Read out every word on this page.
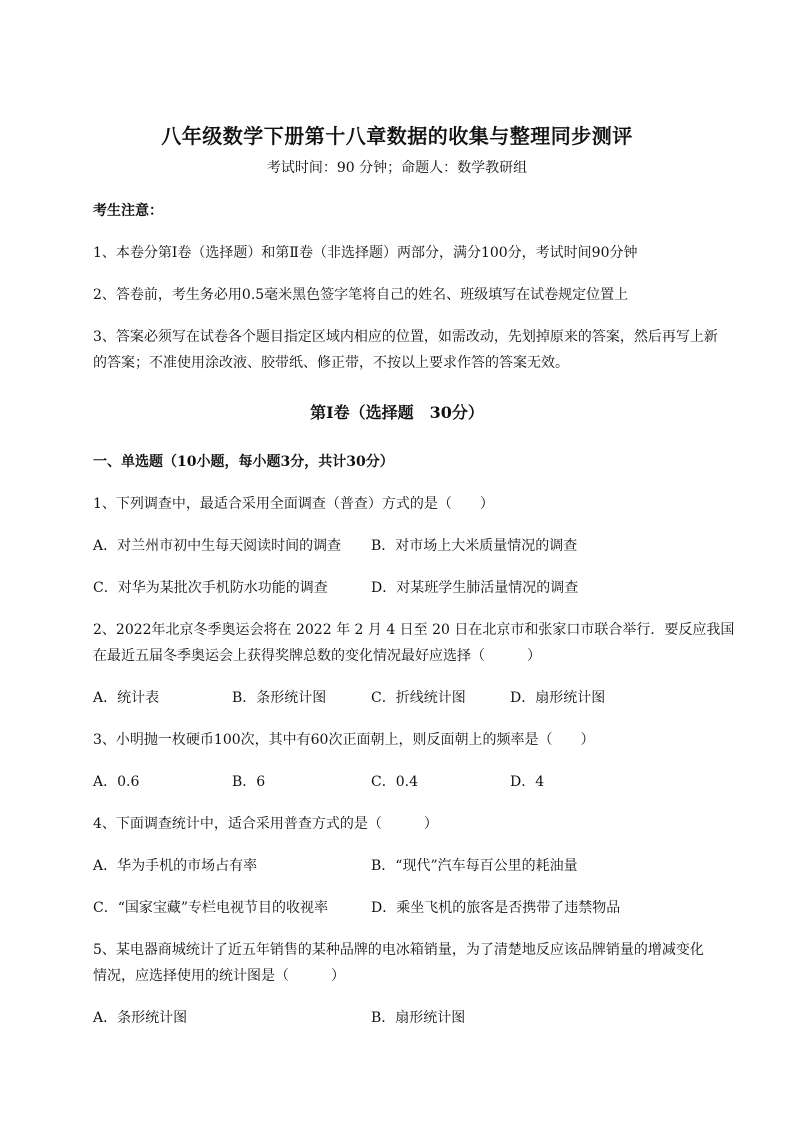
八年级数学下册第十八章数据的收集与整理同步测评
考试时间：90 分钟；命题人：数学教研组
考生注意：
1、本卷分第Ⅰ卷（选择题）和第Ⅱ卷（非选择题）两部分，满分100分，考试时间90分钟
2、答卷前，考生务必用0.5毫米黑色签字笔将自己的姓名、班级填写在试卷规定位置上
3、答案必须写在试卷各个题目指定区域内相应的位置，如需改动，先划掉原来的答案，然后再写上新
的答案；不准使用涂改液、胶带纸、修正带，不按以上要求作答的答案无效。
第Ⅰ卷（选择题　30分）
一、单选题（10小题，每小题3分，共计30分）
1、下列调查中，最适合采用全面调查（普查）方式的是（　　）
A．对兰州市初中生每天阅读时间的调查 B．对市场上大米质量情况的调查
C．对华为某批次手机防水功能的调查	D．对某班学生肺活量情况的调查
2、2022年北京冬季奥运会将在 2022 年 2 月 4 日至 20 日在北京市和张家口市联合举行．要反应我国
在最近五届冬季奥运会上获得奖牌总数的变化情况最好应选择（　　　）
A．统计表	B．条形统计图	C．折线统计图	D．扇形统计图
3、小明抛一枚硬币100次，其中有60次正面朝上，则反面朝上的频率是（　　）
A．0.6	B．6	C．0.4	D．4
4、下面调查统计中，适合采用普查方式的是（　　　）
A．华为手机的市场占有率	B．“现代”汽车每百公里的耗油量
C．“国家宝藏”专栏电视节目的收视率	D．乘坐飞机的旅客是否携带了违禁物品
5、某电器商城统计了近五年销售的某种品牌的电冰箱销量，为了清楚地反应该品牌销量的增减变化
情况，应选择使用的统计图是（　　　）
A．条形统计图	B．扇形统计图
